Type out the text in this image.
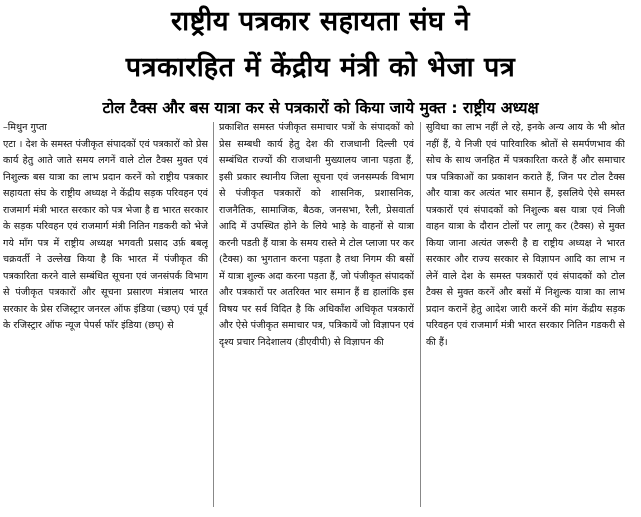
राष्ट्रीय पत्रकार सहायता संघ ने
पत्रकारहित में केंद्रीय मंत्री को भेजा पत्र
टोल टैक्स और बस यात्रा कर से पत्रकारों को किया जाये मुक्त : राष्ट्रीय अध्यक्ष
–मिथुन गुप्ता
एटा । देश के समस्त पंजीकृत संपादकों एवं पत्रकारों को प्रेस कार्य हेतु आते जाते समय लगनें वाले टोल टैक्स मुक्त एवं निशुल्क बस यात्रा का लाभ प्रदान करनें को राष्ट्रीय पत्रकार सहायता संघ के राष्ट्रीय अध्यक्ष ने केंद्रीय सड़क परिवहन एवं राजमार्ग मंत्री भारत सरकार को पत्र भेजा है द्य भारत सरकार के सड़क परिवहन एवं राजमार्ग मंत्री नितिन गडकरी को भेजे गये मॉंग पत्र में राष्ट्रीय अध्यक्ष भगवती प्रसाद उर्फ़ बबलू चक्रवर्ती ने उल्लेख किया है कि भारत में पंजीकृत की पत्रकारिता करने वाले सम्बंधित सूचना एवं जनसंपर्क विभाग से पंजीकृत पत्रकारों और सूचना प्रसारण मंत्रालय भारत सरकार के प्रेस रजिस्ट्रार जनरल ऑफ इंडिया (च्छप्) एवं पूर्व के रजिस्ट्रार ऑफ न्यूज पेपर्स फॉर इंडिया (छप्) से
प्रकाशित समस्त पंजीकृत समाचार पत्रों के संपादकों को प्रेस सम्बधी कार्य हेतु देश की राजधानी दिल्ली एवं सम्बंधित राज्यों की राजधानी मुख्यालय जाना पड़ता हैं, इसी प्रकार स्थानीय जिला सूचना एवं जनसम्पर्क विभाग से पंजीकृत पत्रकारों को शासनिक, प्रशासनिक, राजनैतिक, सामाजिक, बैठक, जनसभा, रैली, प्रेसवार्ता आदि में उपस्थित होने के लिये भाड़े के वाहनों से यात्रा करनी पडती हैं यात्रा के समय रास्ते मे टोल प्लाजा पर कर (टैक्स) का भुगतान करना पड़ता है तथा निगम की बसों में यात्रा शुल्क अदा करना पड़ता हैं, जो पंजीकृत संपादकों और पत्रकारों पर अतरिक्त भार समान हैं द्य हालांकि इस विषय पर सर्व विदित है कि अधिकाँश अधिकृत पत्रकारों और ऐसे पंजीकृत समाचार पत्र, पत्रिकायें जो विज्ञापन एवं दृश्य प्रचार निदेशालय (डीएवीपी) से विज्ञापन की
सुविधा का लाभ नहीं ले रहे, इनके अन्य आय के भी श्रोत नहीं हैं, ये निजी एवं पारिवारिक श्रोतों से समर्पणभाव की सोच के साथ जनहित में पत्रकारिता करते हैं और समाचार पत्र पत्रिकाओं का प्रकाशन कराते हैं, जिन पर टोल टैक्स और यात्रा कर अत्यंत भार समान हैं, इसलिये ऐसे समस्त पत्रकारों एवं संपादकों को निशुल्क बस यात्रा एवं निजी वाहन यात्रा के दौरान टोलों पर लागू कर (टैक्स) से मुक्त किया जाना अत्यंत जरूरी है द्य राष्ट्रीय अध्यक्ष ने भारत सरकार और राज्य सरकार से विज्ञापन आदि का लाभ न लेनें वाले देश के समस्त पत्रकारों एवं संपादकों को टोल टैक्स से मुक्त करनें और बसों में निशुल्क यात्रा का लाभ प्रदान करानें हेतु आदेश जारी करनें की मांग केंद्रीय सड़क परिवहन एवं राजमार्ग मंत्री भारत सरकार नितिन गडकरी से की हैं।
